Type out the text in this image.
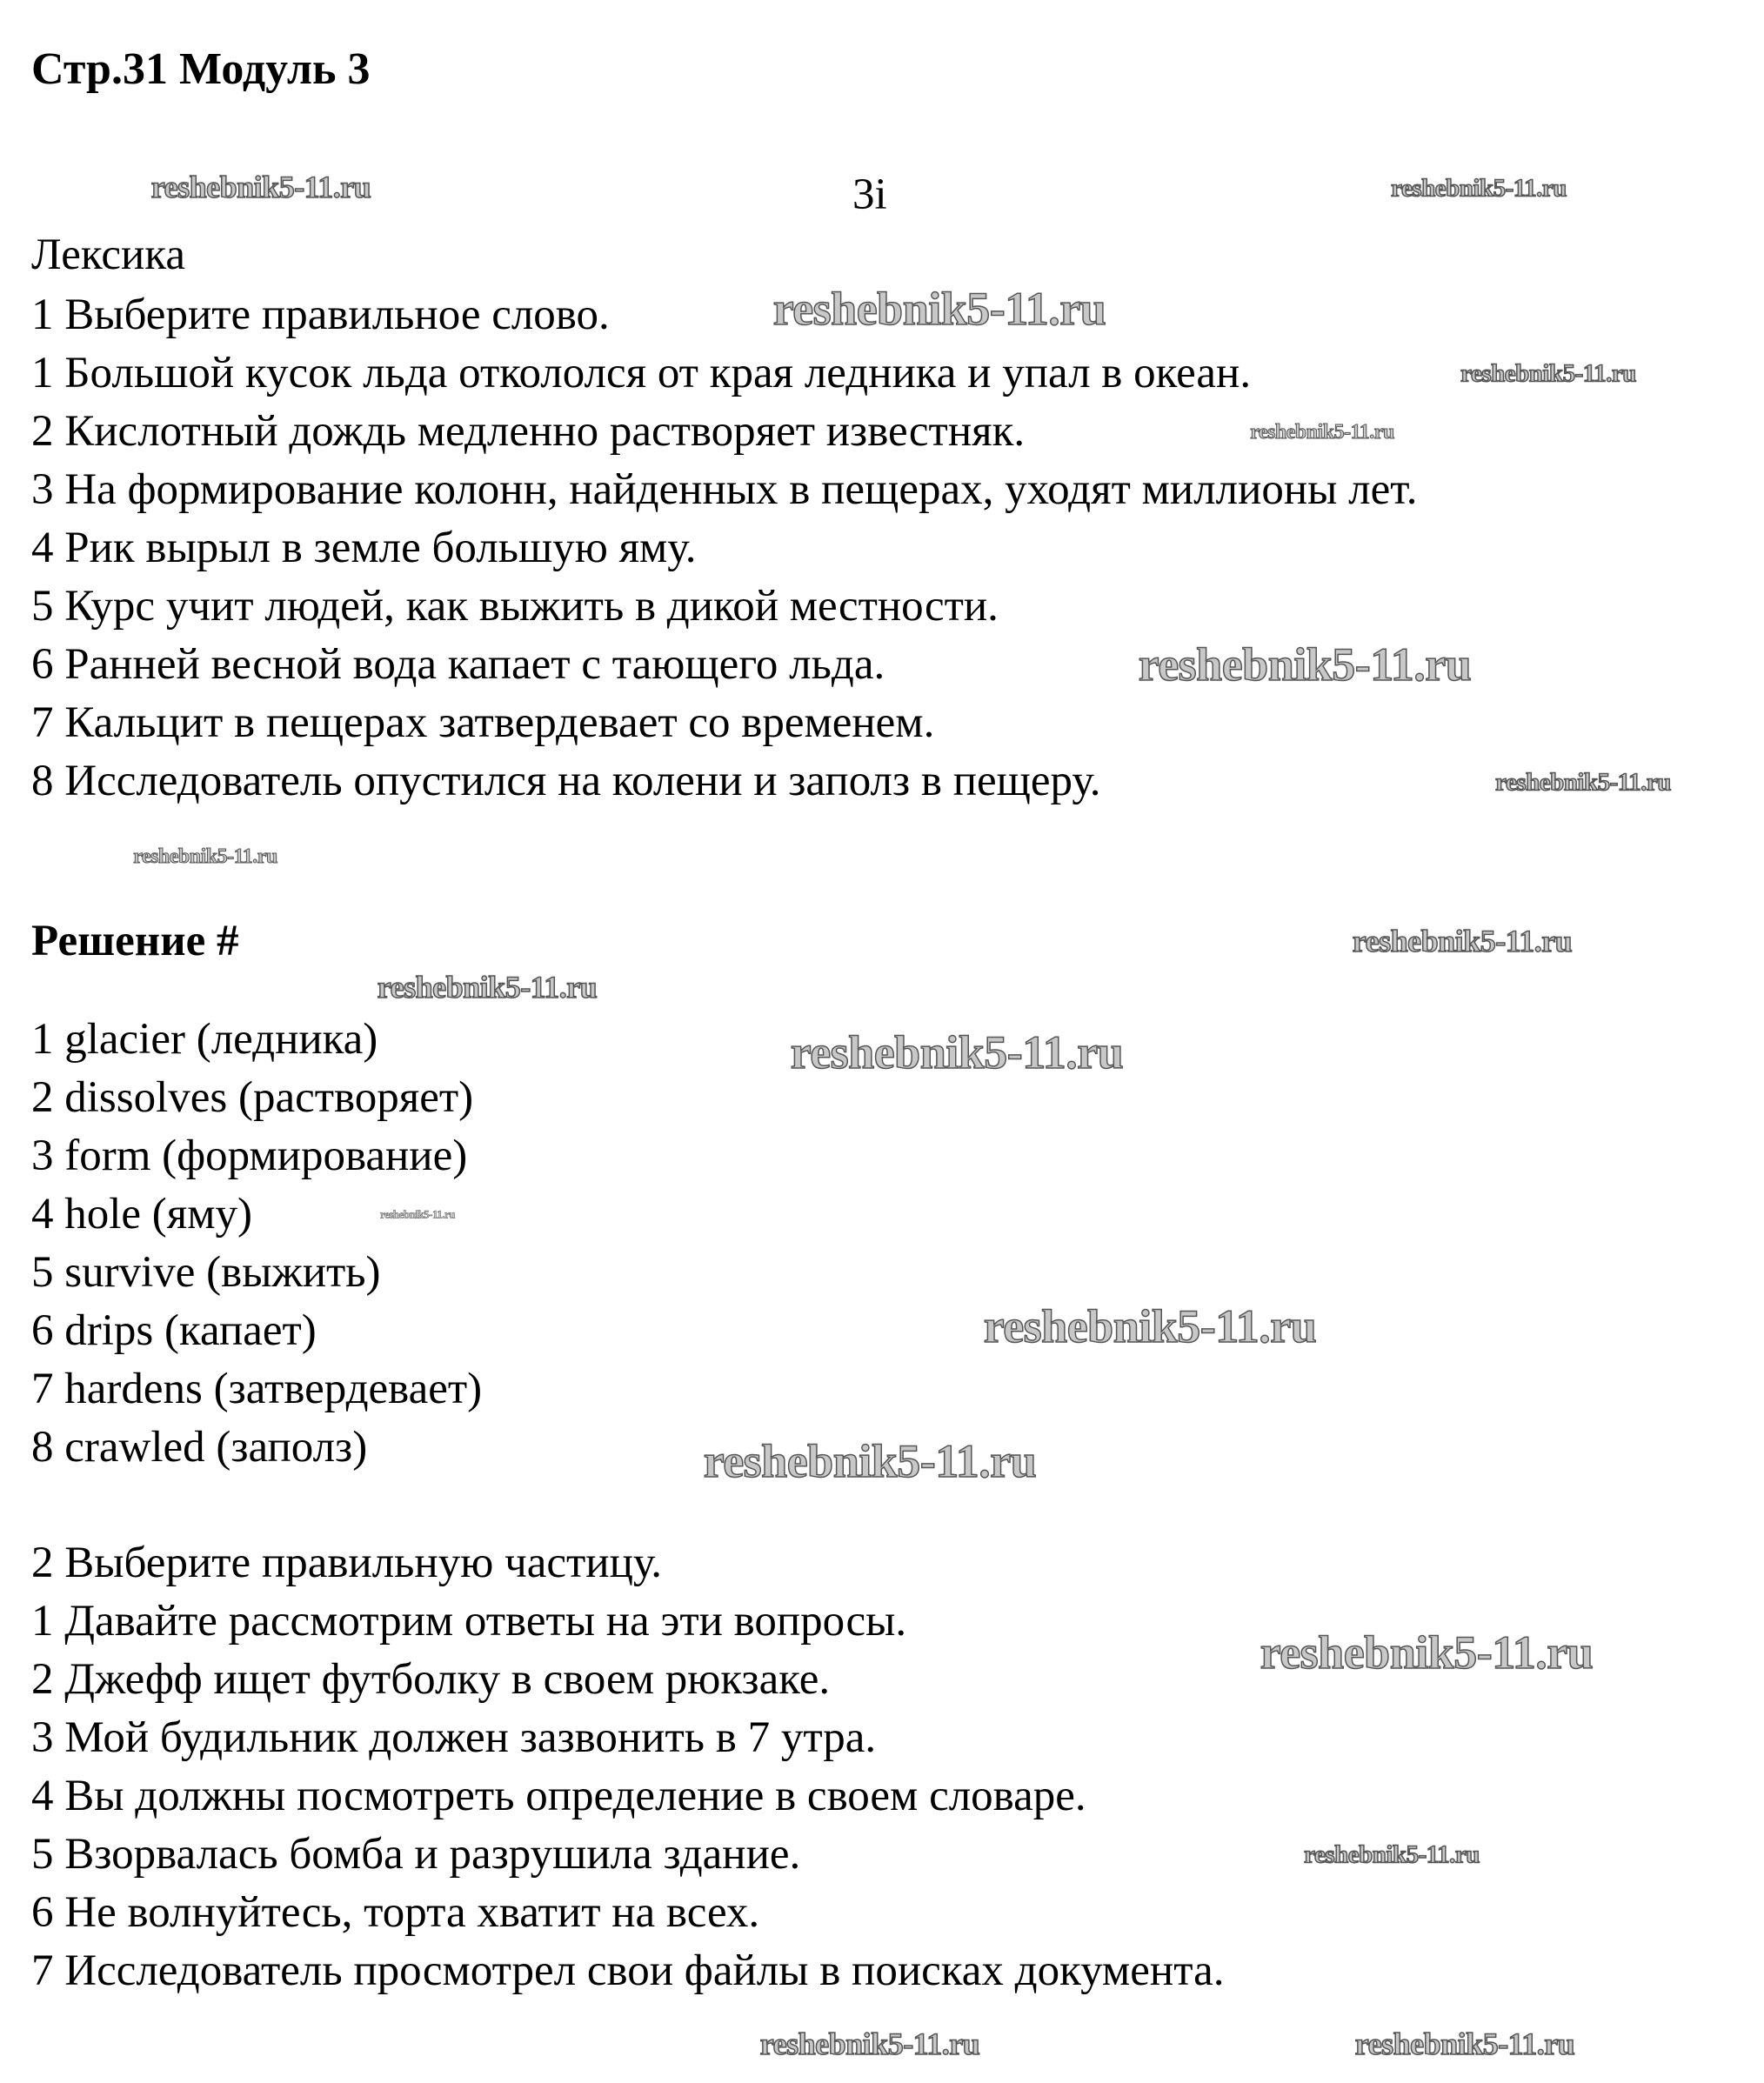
Стр.31 Модуль 3
3i
Лексика
1 Выберите правильное слово.
1 Большой кусок льда откололся от края ледника и упал в океан.
2 Кислотный дождь медленно растворяет известняк.
3 На формирование колонн, найденных в пещерах, уходят миллионы лет.
4 Рик вырыл в земле большую яму.
5 Курс учит людей, как выжить в дикой местности.
6 Ранней весной вода капает с тающего льда.
7 Кальцит в пещерах затвердевает со временем.
8 Исследователь опустился на колени и заполз в пещеру.
Решение #
1 glacier (ледника)
2 dissolves (растворяет)
3 form (формирование)
4 hole (яму)
5 survive (выжить)
6 drips (капает)
7 hardens (затвердевает)
8 crawled (заполз)
2 Выберите правильную частицу.
1 Давайте рассмотрим ответы на эти вопросы.
2 Джефф ищет футболку в своем рюкзаке.
3 Мой будильник должен зазвонить в 7 утра.
4 Вы должны посмотреть определение в своем словаре.
5 Взорвалась бомба и разрушила здание.
6 Не волнуйтесь, торта хватит на всех.
7 Исследователь просмотрел свои файлы в поисках документа.
reshebnik5-11.ru
reshebnik5-11.ru
reshebnik5-11.ru
reshebnik5-11.ru
reshebnik5-11.ru
reshebnik5-11.ru
reshebnik5-11.ru
reshebnik5-11.ru
reshebnik5-11.ru
reshebnik5-11.ru
reshebnik5-11.ru
reshebnik5-11.ru
reshebnik5-11.ru
reshebnik5-11.ru
reshebnik5-11.ru
reshebnik5-11.ru
reshebnik5-11.ru	reshebnik5-11.ru
